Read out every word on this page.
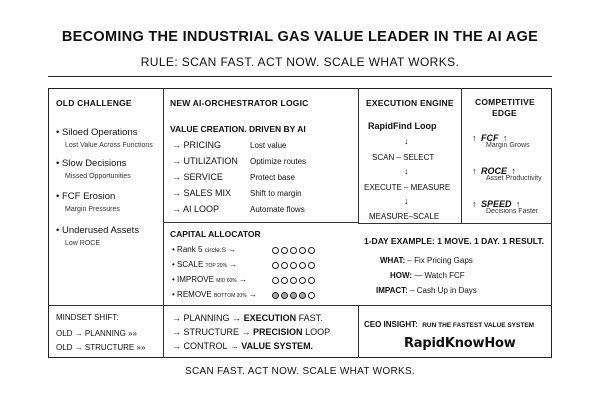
BECOMING THE INDUSTRIAL GAS VALUE LEADER IN THE AI AGE
RULE: SCAN FAST. ACT NOW. SCALE WHAT WORKS.
OLD CHALLENGE
• Siloed Operations
Lost Value Across Functions
• Slow Decisions
Missed Opportunities
• FCF Erosion
Margin Pressures
• Underused Assets
Low ROCE
MINDSET SHIFT:
OLD → PLANNING »»
OLD → STRUCTURE »»
NEW AI-ORCHESTRATOR LOGIC
VALUE CREATION. DRIVEN BY AI
→ PRICING	Lost value
→ UTILIZATION Optimize routes
→ SERVICE	Protect base
→ SALES MIX Shift to margin
→ AI LOOP	Automate flows
CAPITAL ALLOCATOR
• Rank 5 circle:S →
• SCALE TOP 20% →
• IMPROVE MID 60% →
• REMOVE BOTTOM 20% →
→ PLANNING → EXECUTION FAST.
→ STRUCTURE → PRECISION LOOP
→ CONTROL → VALUE SYSTEM.
EXECUTION ENGINE
RapidFind Loop
↓
SCAN – SELECT
↓
EXECUTE – MEASURE
↓
MEASURE–SCALE
COMPETITIVE
EDGE
↑ FCF ↑
Margin Grows
↑ ROCE ↑
Asset Productivity
↑ SPEED ↑
Decisions Faster
1-DAY EXAMPLE: 1 MOVE. 1 DAY. 1 RESULT.
WHAT: – Fix Pricing Gaps
HOW: — Watch FCF
IMPACT: – Cash Up in Days
CEO INSIGHT: RUN THE FASTEST VALUE SYSTEM
RapidKnowHow
SCAN FAST. ACT NOW. SCALE WHAT WORKS.
